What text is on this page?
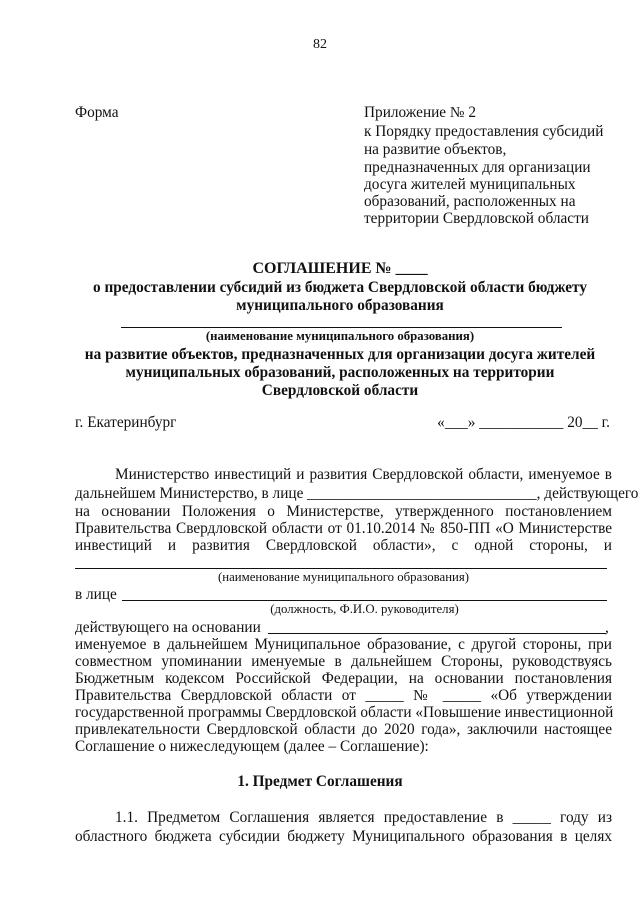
82
Форма	Приложение № 2
к Порядку предоставления субсидий
на развитие объектов,
предназначенных для организации
досуга жителей муниципальных
образований, расположенных на
территории Свердловской области
СОГЛАШЕНИЕ № ____
о предоставлении субсидий из бюджета Свердловской области бюджету
муниципального образования
(наименование муниципального образования)
на развитие объектов, предназначенных для организации досуга жителей
муниципальных образований, расположенных на территории
Свердловской области
г. Екатеринбург	«___» ___________ 20__ г.
Министерство инвестиций и развития Свердловской области, именуемое в
дальнейшем Министерство, в лице ______________________________, действующего
на основании Положения о Министерстве, утвержденного постановлением
Правительства Свердловской области от 01.10.2014 № 850-ПП «О Министерстве
инвестиций и развития Свердловской области», с одной стороны, и
(наименование муниципального образования)
в лице
(должность, Ф.И.О. руководителя)
действующего на основании	,
именуемое в дальнейшем Муниципальное образование, с другой стороны, при
совместном упоминании именуемые в дальнейшем Стороны, руководствуясь
Бюджетным кодексом Российской Федерации, на основании постановления
Правительства Свердловской области от _____ № _____ «Об утверждении
государственной программы Свердловской области «Повышение инвестиционной
привлекательности Свердловской области до 2020 года», заключили настоящее
Соглашение о нижеследующем (далее – Соглашение):
1. Предмет Соглашения
1.1. Предметом Соглашения является предоставление в _____ году из
областного бюджета субсидии бюджету Муниципального образования в целях
